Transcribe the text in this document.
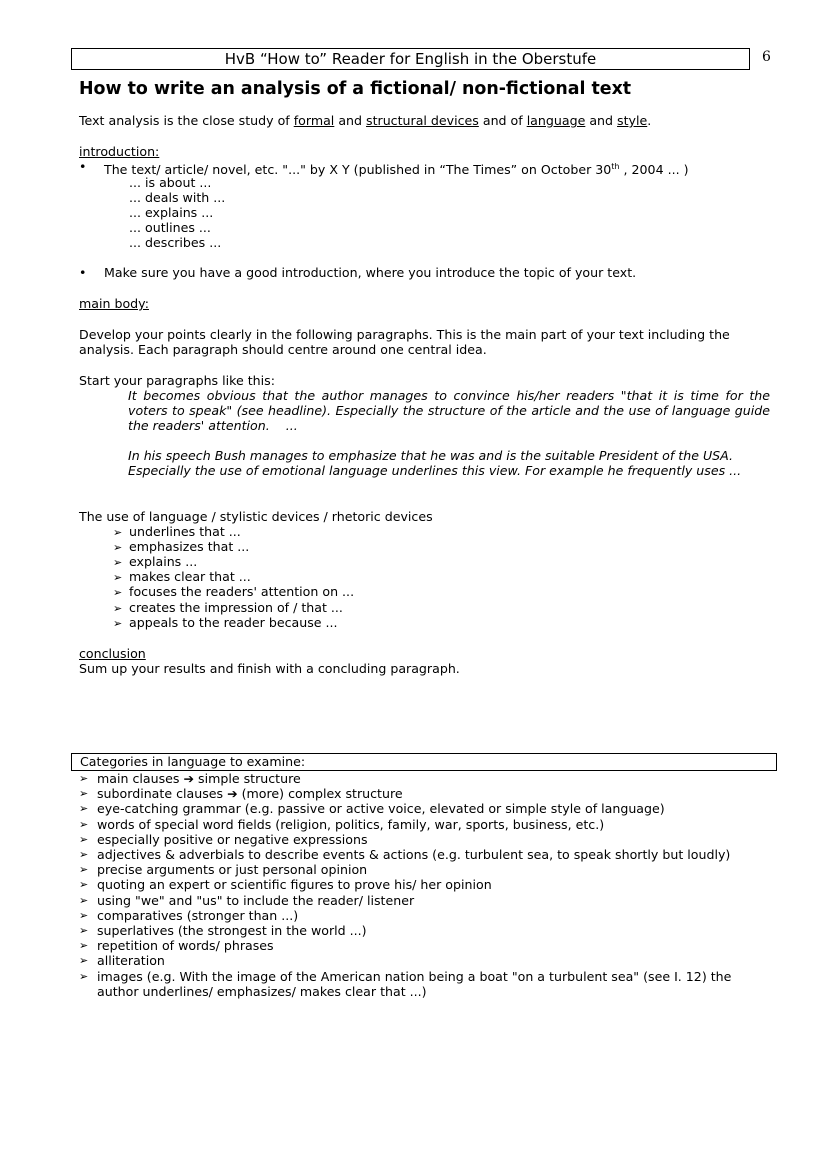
HvB “How to” Reader for English in the Oberstufe	6
How to write an analysis of a fictional/ non-fictional text

Text analysis is the close study of formal and structural devices and of language and style.

introduction:

• The text/ article/ novel, etc. "..." by X Y (published in “The Times” on October 30th , 2004 ... )

... is about ...

... deals with ...

... explains ...

... outlines ...

... describes ...

• Make sure you have a good introduction, where you introduce the topic of your text.

main body:

Develop your points clearly in the following paragraphs. This is the main part of your text including the

analysis. Each paragraph should centre around one central idea.

Start your paragraphs like this:

It becomes obvious that the author manages to convince his/her readers "that it is time for the

voters to speak" (see headline). Especially the structure of the article and the use of language guide

the readers' attention.    ...

In his speech Bush manages to emphasize that he was and is the suitable President of the USA.

Especially the use of emotional language underlines this view. For example he frequently uses ...

The use of language / stylistic devices / rhetoric devices

➢ underlines that ...
➢ emphasizes that ...
➢ explains ...
➢ makes clear that ...
➢ focuses the readers' attention on ...
➢ creates the impression of / that ...
➢ appeals to the reader because ...

conclusion

Sum up your results and finish with a concluding paragraph.

Categories in language to examine:
➢ main clauses ➔ simple structure
➢ subordinate clauses ➔ (more) complex structure
➢ eye-catching grammar (e.g. passive or active voice, elevated or simple style of language)
➢ words of special word fields (religion, politics, family, war, sports, business, etc.)
➢ especially positive or negative expressions
➢ adjectives & adverbials to describe events & actions (e.g. turbulent sea, to speak shortly but loudly)
➢ precise arguments or just personal opinion
➢ quoting an expert or scientific figures to prove his/ her opinion
➢ using "we" and "us" to include the reader/ listener
➢ comparatives (stronger than ...)
➢ superlatives (the strongest in the world ...)
➢ repetition of words/ phrases
➢ alliteration
➢ images (e.g. With the image of the American nation being a boat "on a turbulent sea" (see I. 12) the
author underlines/ emphasizes/ makes clear that ...)
